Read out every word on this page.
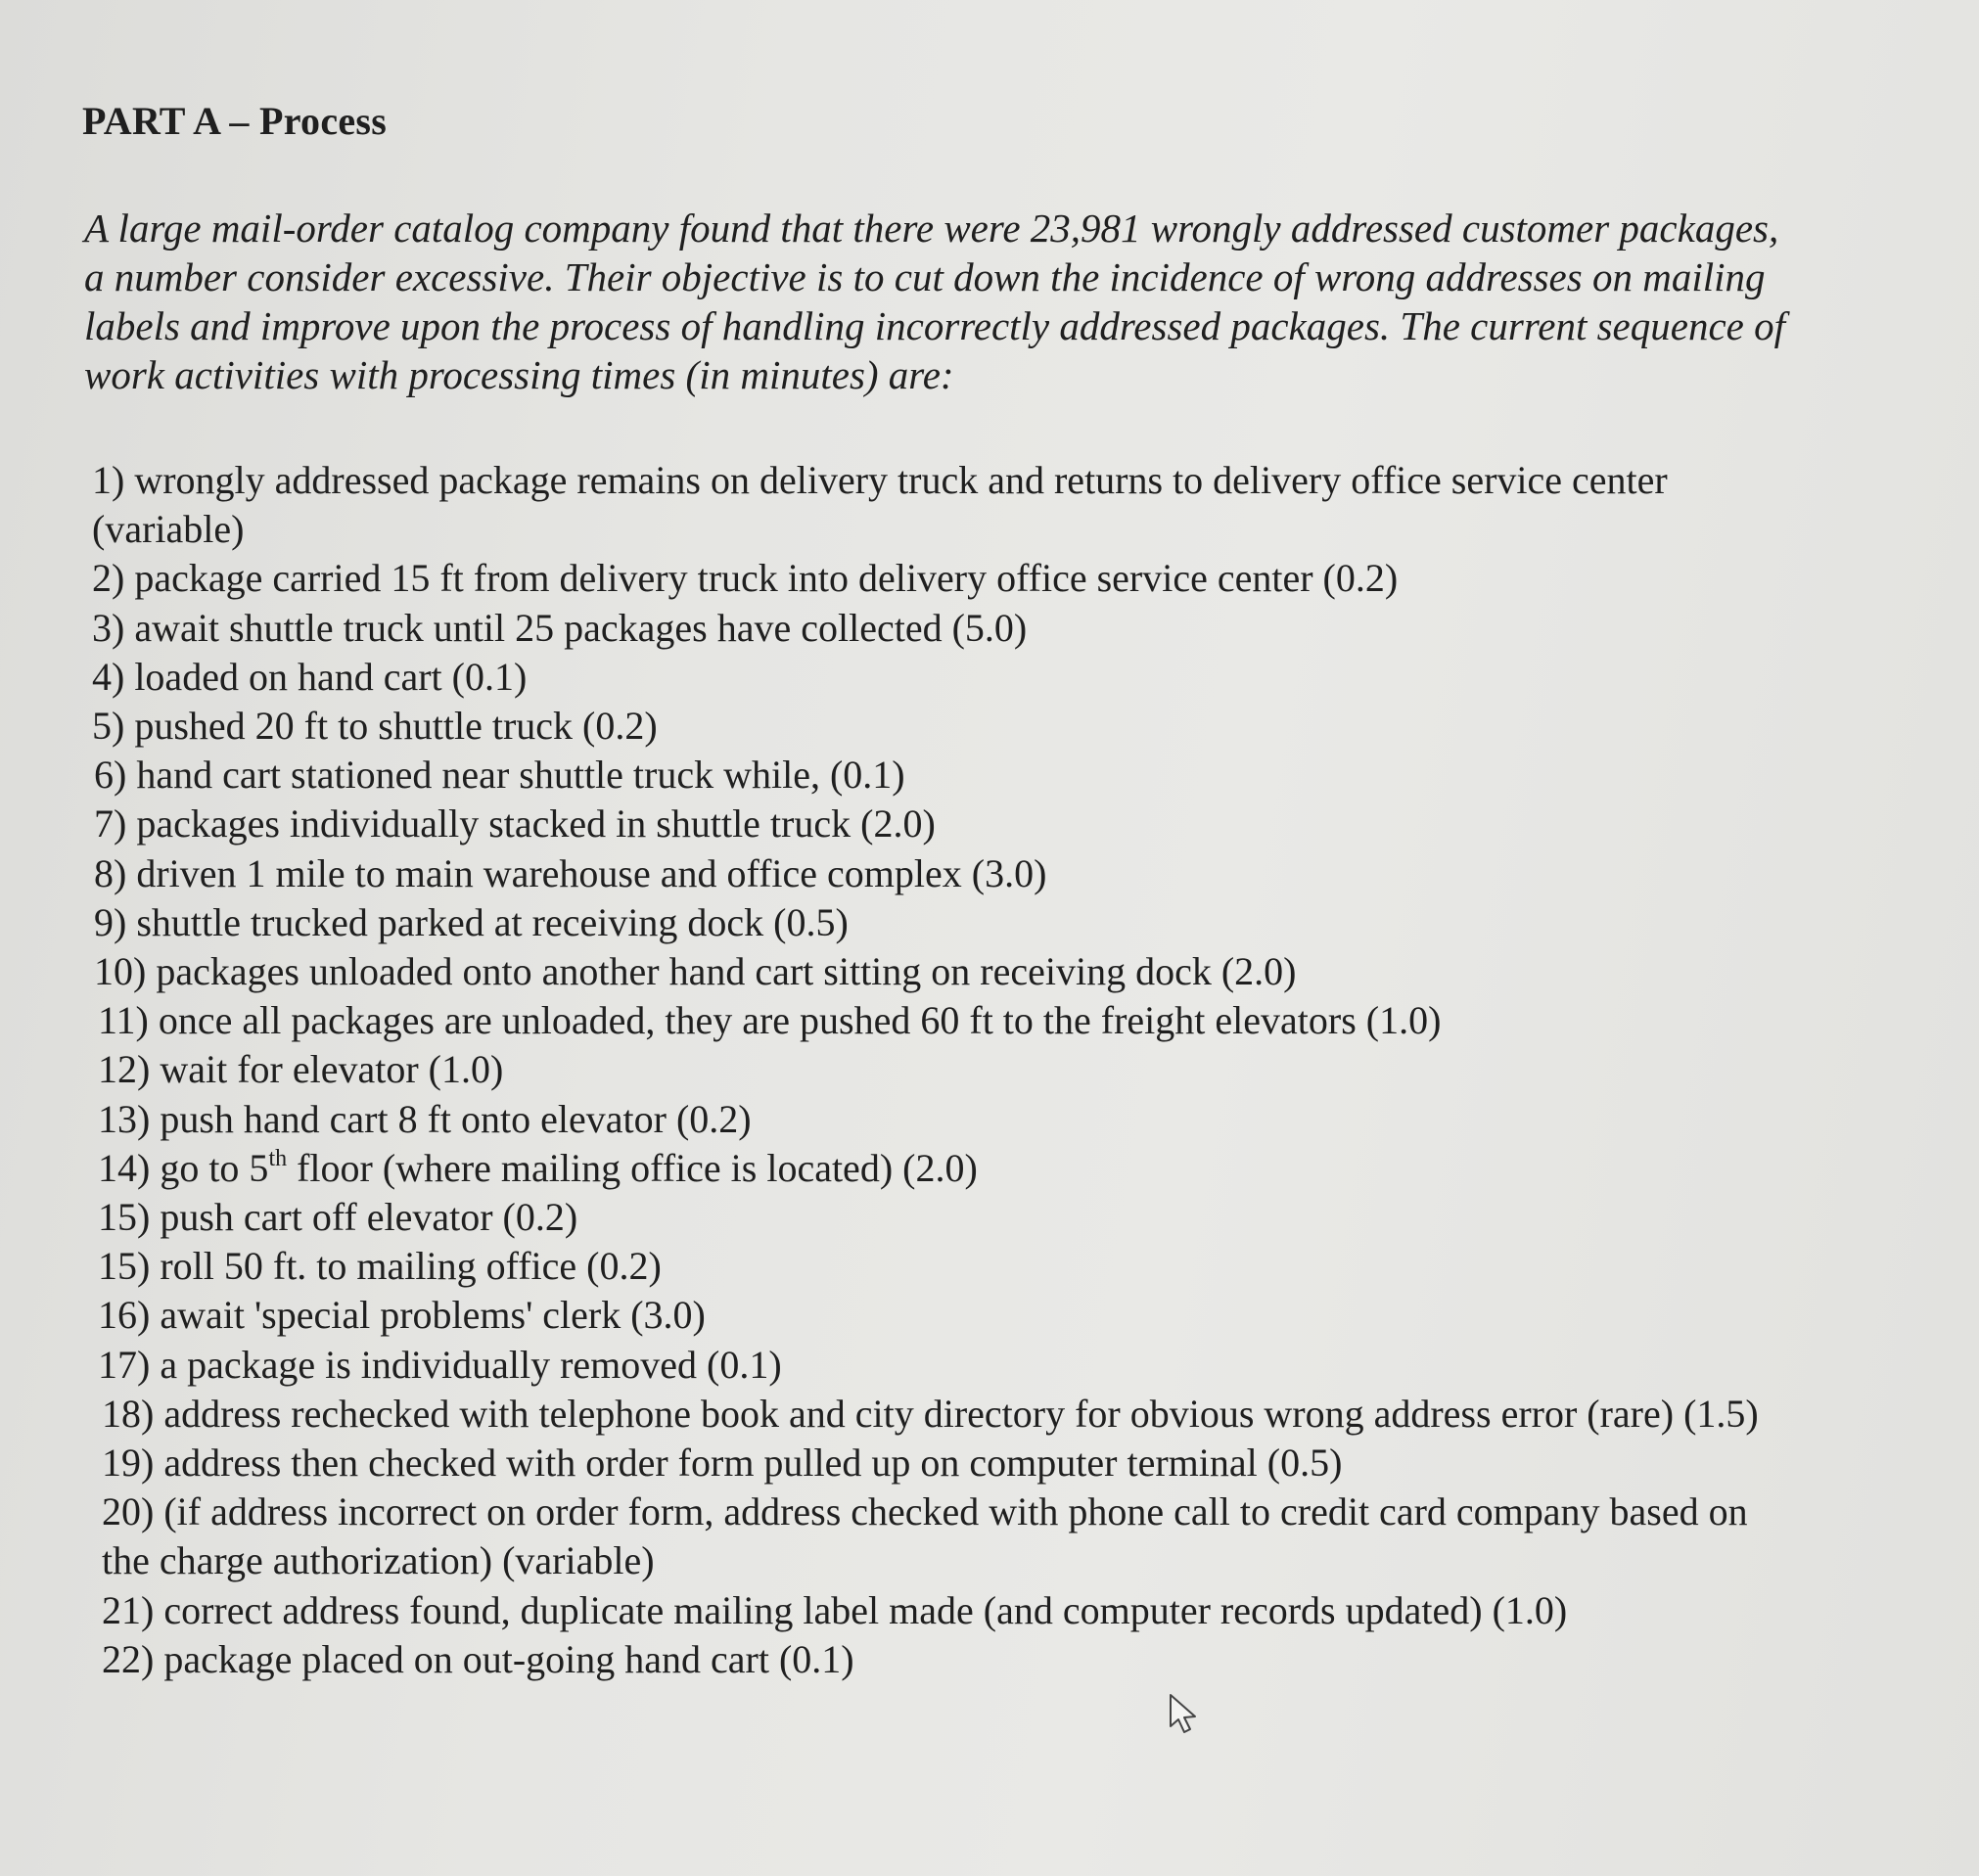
PART A – Process
A large mail-order catalog company found that there were 23,981 wrongly addressed customer packages,
a number consider excessive. Their objective is to cut down the incidence of wrong addresses on mailing
labels and improve upon the process of handling incorrectly addressed packages. The current sequence of
work activities with processing times (in minutes) are:
1) wrongly addressed package remains on delivery truck and returns to delivery office service center
(variable)
2) package carried 15 ft from delivery truck into delivery office service center (0.2)
3) await shuttle truck until 25 packages have collected (5.0)
4) loaded on hand cart (0.1)
5) pushed 20 ft to shuttle truck (0.2)
6) hand cart stationed near shuttle truck while, (0.1)
7) packages individually stacked in shuttle truck (2.0)
8) driven 1 mile to main warehouse and office complex (3.0)
9) shuttle trucked parked at receiving dock (0.5)
10) packages unloaded onto another hand cart sitting on receiving dock (2.0)
11) once all packages are unloaded, they are pushed 60 ft to the freight elevators (1.0)
12) wait for elevator (1.0)
13) push hand cart 8 ft onto elevator (0.2)
14) go to 5th floor (where mailing office is located) (2.0)
15) push cart off elevator (0.2)
15) roll 50 ft. to mailing office (0.2)
16) await 'special problems' clerk (3.0)
17) a package is individually removed (0.1)
18) address rechecked with telephone book and city directory for obvious wrong address error (rare) (1.5)
19) address then checked with order form pulled up on computer terminal (0.5)
20) (if address incorrect on order form, address checked with phone call to credit card company based on
the charge authorization) (variable)
21) correct address found, duplicate mailing label made (and computer records updated) (1.0)
22) package placed on out-going hand cart (0.1)
